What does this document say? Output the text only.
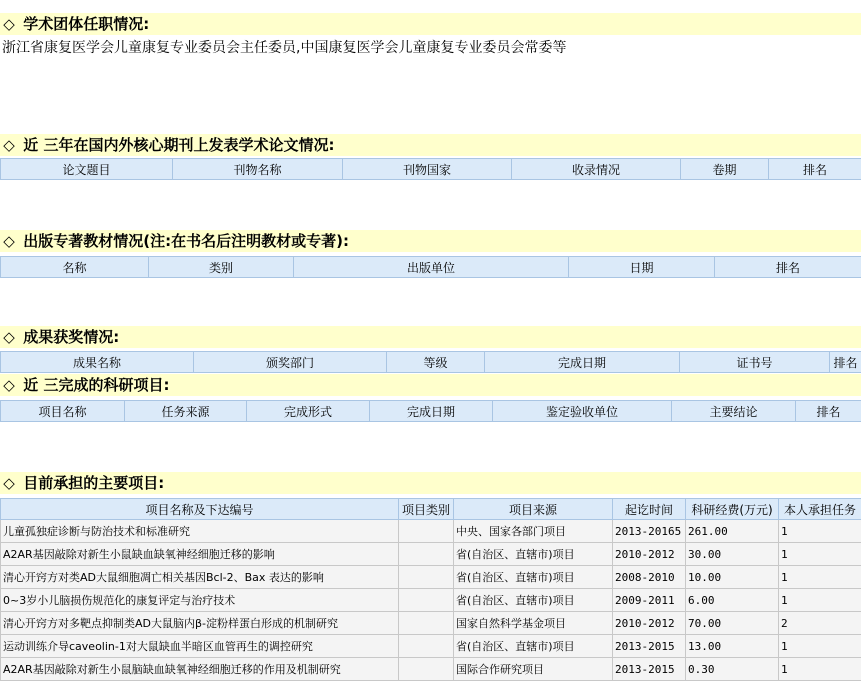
◇ 学术团体任职情况:
浙江省康复医学会儿童康复专业委员会主任委员,中国康复医学会儿童康复专业委员会常委等
◇ 近 三年在国内外核心期刊上发表学术论文情况:
论文题目	刊物名称	刊物国家	收录情况	卷期	排名
◇ 出版专著教材情况(注:在书名后注明教材或专著):
名称	类别	出版单位	日期	排名
◇ 成果获奖情况:
成果名称	颁奖部门	等级	完成日期	证书号	排名
◇ 近 三完成的科研项目:
项目名称	任务来源	完成形式	完成日期	鉴定验收单位	主要结论	排名
◇ 目前承担的主要项目:
项目名称及下达编号	项目类别	项目来源	起讫时间	科研经费(万元)	本人承担任务
儿童孤独症诊断与防治技术和标准研究		中央、国家各部门项目	2013-20165	261.00	1
A2AR基因敲除对新生小鼠缺血缺氧神经细胞迁移的影响		省(自治区、直辖市)项目	2010-2012	30.00	1
清心开窍方对类AD大鼠细胞凋亡相关基因Bcl-2、Bax 表达的影响		省(自治区、直辖市)项目	2008-2010	10.00	1
0~3岁小儿脑损伤规范化的康复评定与治疗技术		省(自治区、直辖市)项目	2009-2011	6.00	1
清心开窍方对多靶点抑制类AD大鼠脑内β-淀粉样蛋白形成的机制研究		国家自然科学基金项目	2010-2012	70.00	2
运动训练介导caveolin-1对大鼠缺血半暗区血管再生的调控研究		省(自治区、直辖市)项目	2013-2015	13.00	1
A2AR基因敲除对新生小鼠脑缺血缺氧神经细胞迁移的作用及机制研究		国际合作研究项目	2013-2015	0.30	1
